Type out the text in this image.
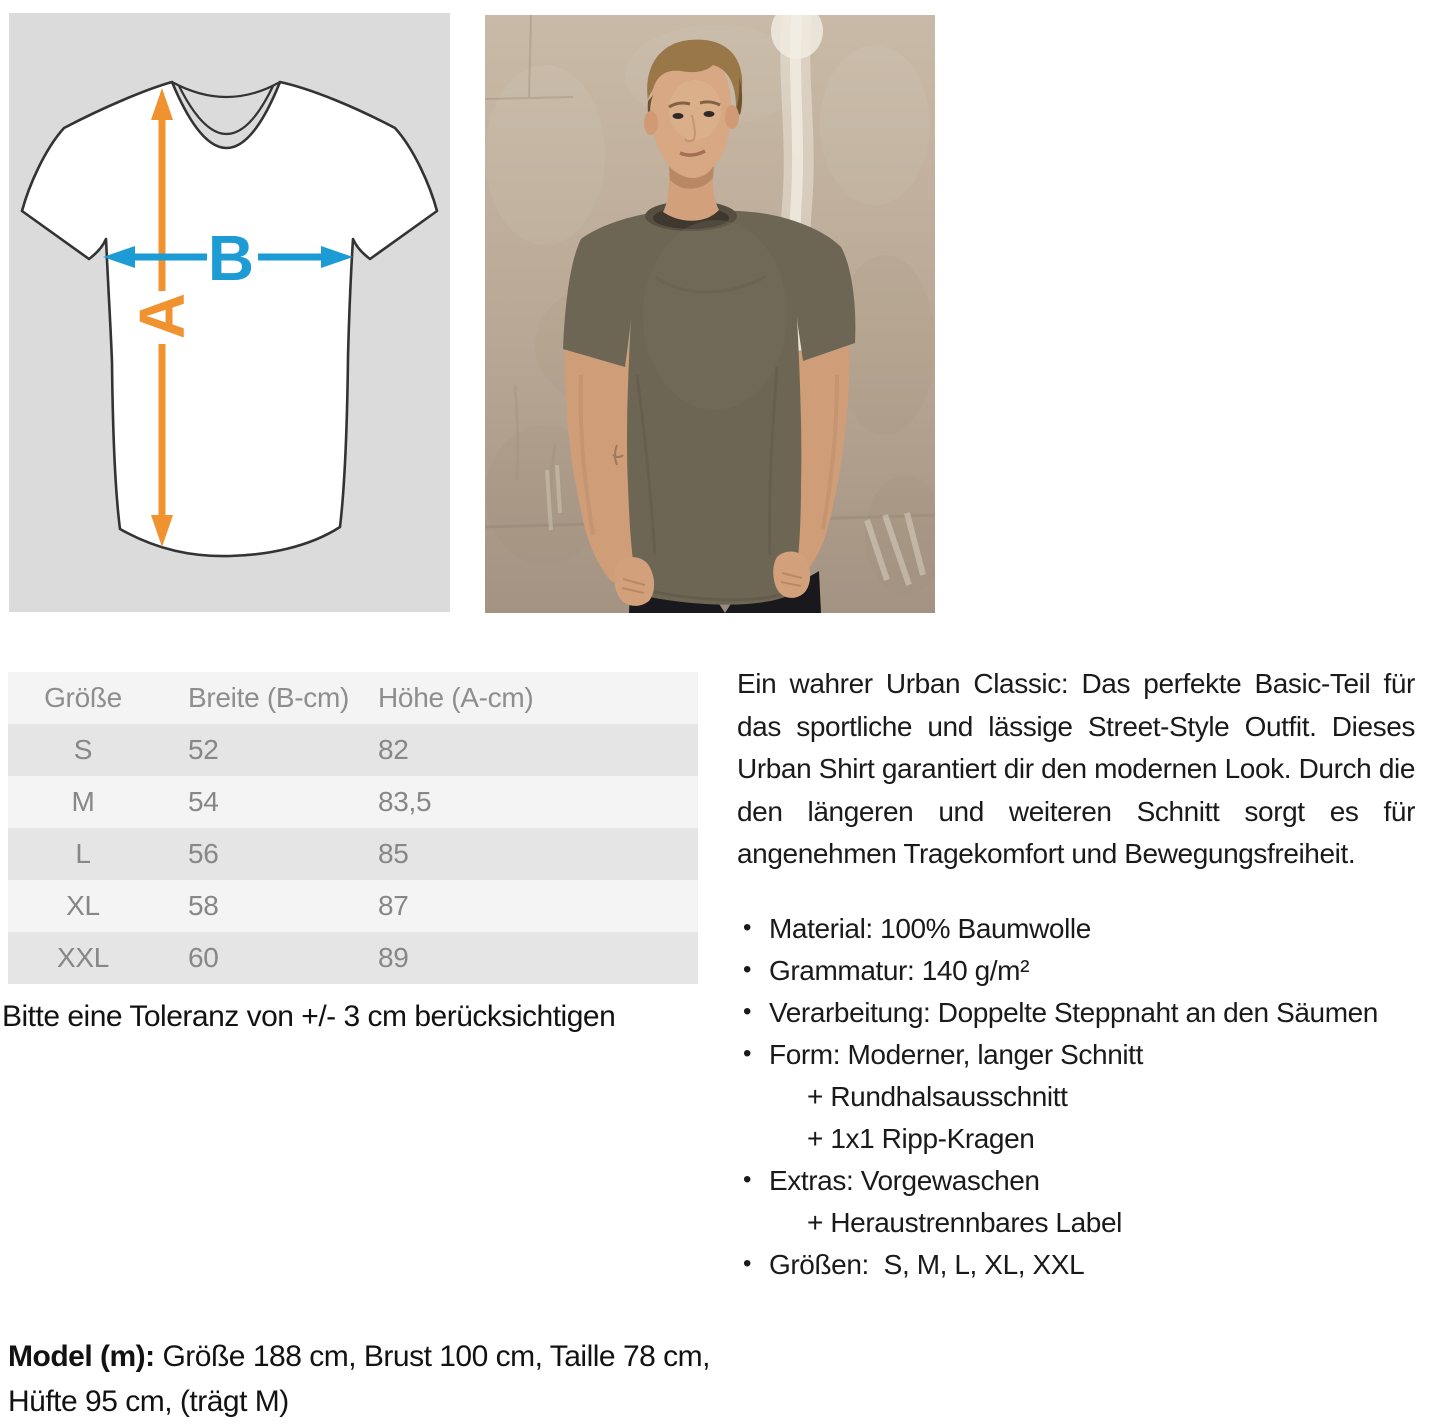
A
B
Größe	Breite (B-cm)	Höhe (A-cm)
S	52	82
M	54	83,5
L	56	85
XL	58	87
XXL	60	89

Bitte eine Toleranz von +/- 3 cm berücksichtigen

Ein wahrer Urban Classic: Das perfekte Basic-Teil für das sportliche und lässige Street-Style Outfit. Dieses Urban Shirt garantiert dir den modernen Look. Durch die den längeren und weiteren Schnitt sorgt es für angenehmen Tragekomfort und Bewegungsfreiheit.

• Material: 100% Baumwolle
• Grammatur: 140 g/m²
• Verarbeitung: Doppelte Steppnaht an den Säumen
• Form: Moderner, langer Schnitt
+ Rundhalsausschnitt
+ 1x1 Ripp-Kragen
• Extras: Vorgewaschen
+ Heraustrennbares Label
• Größen:  S, M, L, XL, XXL

Model (m): Größe 188 cm, Brust 100 cm, Taille 78 cm,
Hüfte 95 cm, (trägt M)
